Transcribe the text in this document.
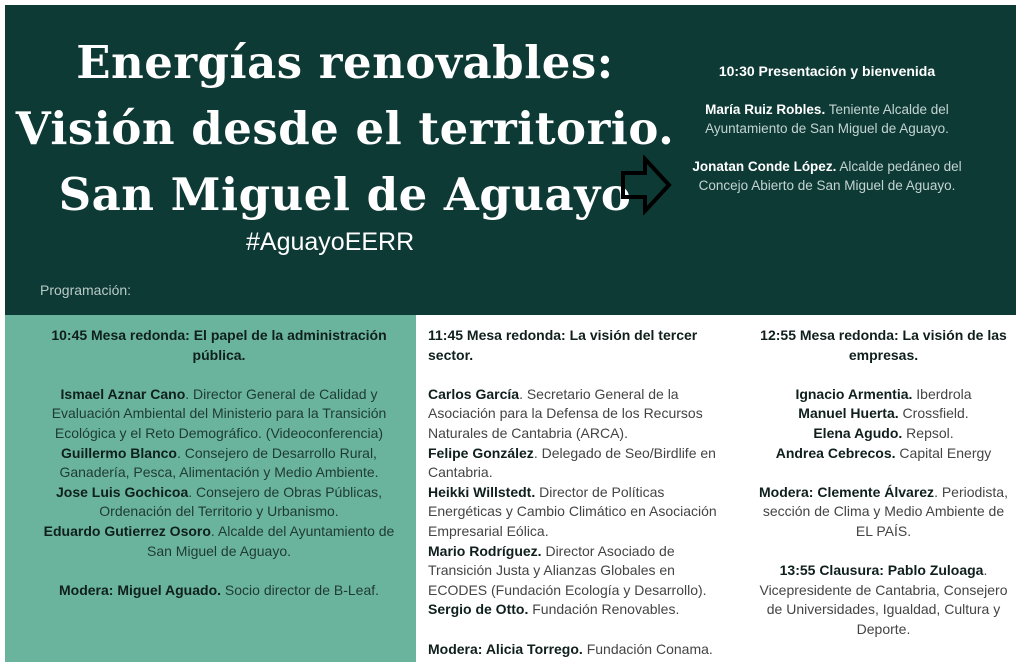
Energías renovables:
Visión desde el territorio.
San Miguel de Aguayo
#AguayoEERR
Programación:
10:30 Presentación y bienvenida
María Ruiz Robles. Teniente Alcalde del Ayuntamiento de San Miguel de Aguayo.
Jonatan Conde López. Alcalde pedáneo del Concejo Abierto de San Miguel de Aguayo.
10:45 Mesa redonda: El papel de la administración pública.
Ismael Aznar Cano. Director General de Calidad y Evaluación Ambiental del Ministerio para la Transición Ecológica y el Reto Demográfico. (Videoconferencia)
Guillermo Blanco. Consejero de Desarrollo Rural, Ganadería, Pesca, Alimentación y Medio Ambiente.
Jose Luis Gochicoa. Consejero de Obras Públicas, Ordenación del Territorio y Urbanismo.
Eduardo Gutierrez Osoro. Alcalde del Ayuntamiento de San Miguel de Aguayo.
Modera: Miguel Aguado. Socio director de B-Leaf.
11:45 Mesa redonda: La visión del tercer sector.
Carlos García. Secretario General de la Asociación para la Defensa de los Recursos Naturales de Cantabria (ARCA).
Felipe González. Delegado de Seo/Birdlife en Cantabria.
Heikki Willstedt. Director de Políticas Energéticas y Cambio Climático en Asociación Empresarial Eólica.
Mario Rodríguez. Director Asociado de Transición Justa y Alianzas Globales en ECODES (Fundación Ecología y Desarrollo).
Sergio de Otto. Fundación Renovables.
Modera: Alicia Torrego. Fundación Conama.
12:55 Mesa redonda: La visión de las empresas.
Ignacio Armentia. Iberdrola
Manuel Huerta. Crossfield.
Elena Agudo. Repsol.
Andrea Cebrecos. Capital Energy
Modera: Clemente Álvarez. Periodista, sección de Clima y Medio Ambiente de EL PAÍS.
13:55 Clausura: Pablo Zuloaga. Vicepresidente de Cantabria, Consejero de Universidades, Igualdad, Cultura y Deporte.
